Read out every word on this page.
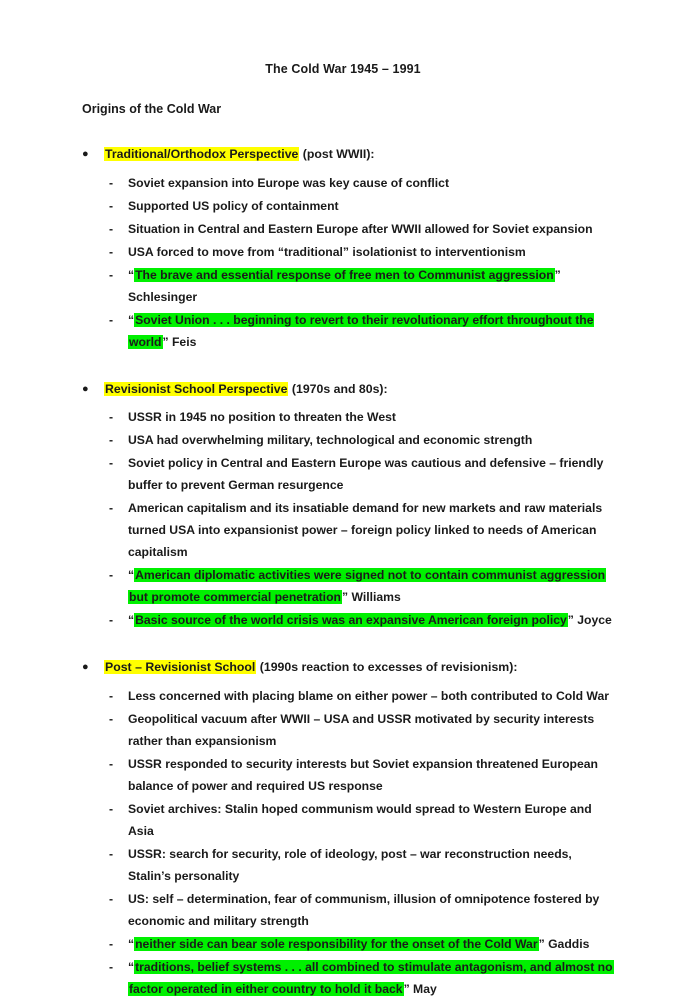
The Cold War 1945 – 1991
Origins of the Cold War
● Traditional/Orthodox Perspective (post WWII):
- Soviet expansion into Europe was key cause of conflict
- Supported US policy of containment
- Situation in Central and Eastern Europe after WWII allowed for Soviet expansion
- USA forced to move from “traditional” isolationist to interventionism
- “The brave and essential response of free men to Communist aggression” Schlesinger
- “Soviet Union . . . beginning to revert to their revolutionary effort throughout the world” Feis
● Revisionist School Perspective (1970s and 80s):
- USSR in 1945 no position to threaten the West
- USA had overwhelming military, technological and economic strength
- Soviet policy in Central and Eastern Europe was cautious and defensive – friendly buffer to prevent German resurgence
- American capitalism and its insatiable demand for new markets and raw materials turned USA into expansionist power – foreign policy linked to needs of American capitalism
- “American diplomatic activities were signed not to contain communist aggression but promote commercial penetration” Williams
- “Basic source of the world crisis was an expansive American foreign policy” Joyce
● Post – Revisionist School (1990s reaction to excesses of revisionism):
- Less concerned with placing blame on either power – both contributed to Cold War
- Geopolitical vacuum after WWII – USA and USSR motivated by security interests rather than expansionism
- USSR responded to security interests but Soviet expansion threatened European balance of power and required US response
- Soviet archives: Stalin hoped communism would spread to Western Europe and Asia
- USSR: search for security, role of ideology, post – war reconstruction needs, Stalin’s personality
- US: self – determination, fear of communism, illusion of omnipotence fostered by economic and military strength
- “neither side can bear sole responsibility for the onset of the Cold War” Gaddis
- “traditions, belief systems . . . all combined to stimulate antagonism, and almost no factor operated in either country to hold it back” May
